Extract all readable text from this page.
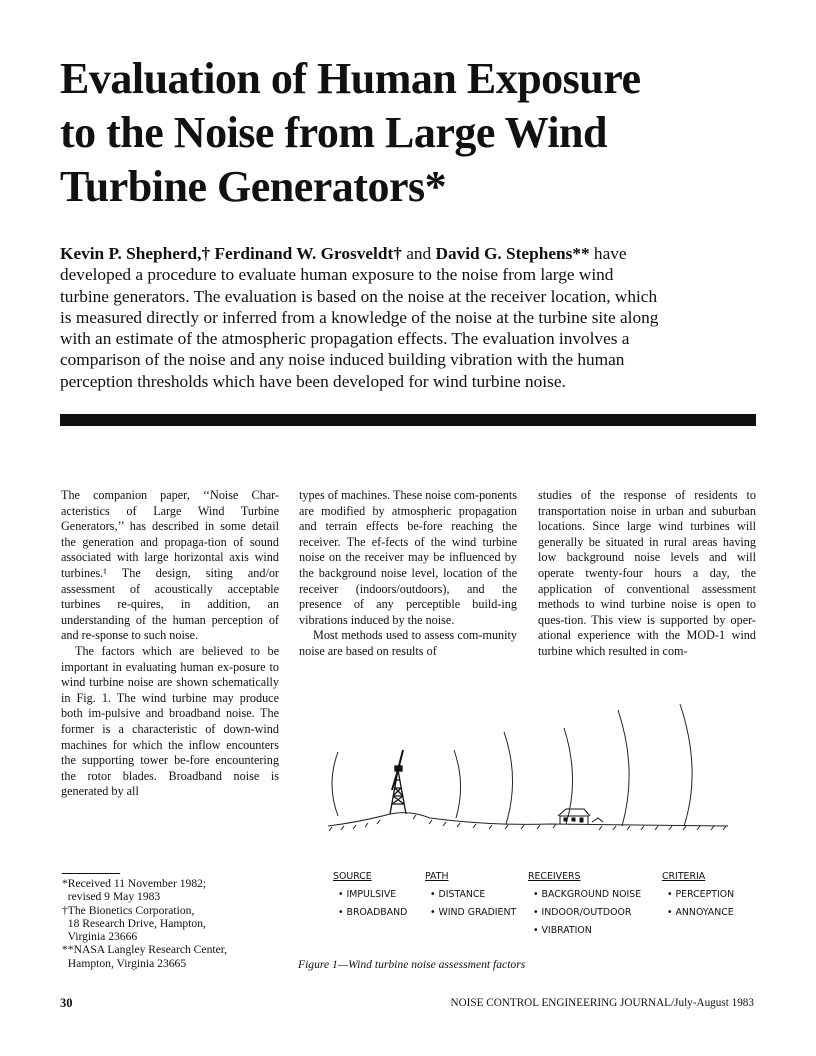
Evaluation of Human Exposure
to the Noise from Large Wind
Turbine Generators*

Kevin P. Shepherd,† Ferdinand W. Grosveldt† and David G. Stephens** have
developed a procedure to evaluate human exposure to the noise from large wind
turbine generators. The evaluation is based on the noise at the receiver location, which
is measured directly or inferred from a knowledge of the noise at the turbine site along
with an estimate of the atmospheric propagation effects. The evaluation involves a
comparison of the noise and any noise induced building vibration with the human
perception thresholds which have been developed for wind turbine noise.

The companion paper, ‘‘Noise Char-acteristics of Large Wind Turbine Generators,’’ has described in some detail the generation and propaga-tion of sound associated with large horizontal axis wind turbines.¹ The design, siting and/or assessment of acoustically acceptable turbines re-quires, in addition, an understanding of the human perception of and re-sponse to such noise.

The factors which are believed to be important in evaluating human ex-posure to wind turbine noise are shown schematically in Fig. 1. The wind turbine may produce both im-pulsive and broadband noise. The former is a characteristic of down-wind machines for which the inflow encounters the supporting tower be-fore encountering the rotor blades. Broadband noise is generated by all

types of machines. These noise com-ponents are modified by atmospheric propagation and terrain effects be-fore reaching the receiver. The ef-fects of the wind turbine noise on the receiver may be influenced by the background noise level, location of the receiver (indoors/outdoors), and the presence of any perceptible build-ing vibrations induced by the noise.

Most methods used to assess com-munity noise are based on results of

studies of the response of residents to transportation noise in urban and suburban locations. Since large wind turbines will generally be situated in rural areas having low background noise levels and will operate twenty-four hours a day, the application of conventional assessment methods to wind turbine noise is open to ques-tion. This view is supported by oper-ational experience with the MOD-1 wind turbine which resulted in com-

SOURCE
• IMPULSIVE
• BROADBAND
PATH
• DISTANCE
• WIND GRADIENT
RECEIVERS
• BACKGROUND NOISE
• INDOOR/OUTDOOR
• VIBRATION
CRITERIA
• PERCEPTION
• ANNOYANCE
Figure 1—Wind turbine noise assessment factors
*Received 11 November 1982;
revised 9 May 1983
†The Bionetics Corporation,
18 Research Drive, Hampton,
Virginia 23666
**NASA Langley Research Center,
Hampton, Virginia 23665
30	NOISE CONTROL ENGINEERING JOURNAL/July-August 1983
